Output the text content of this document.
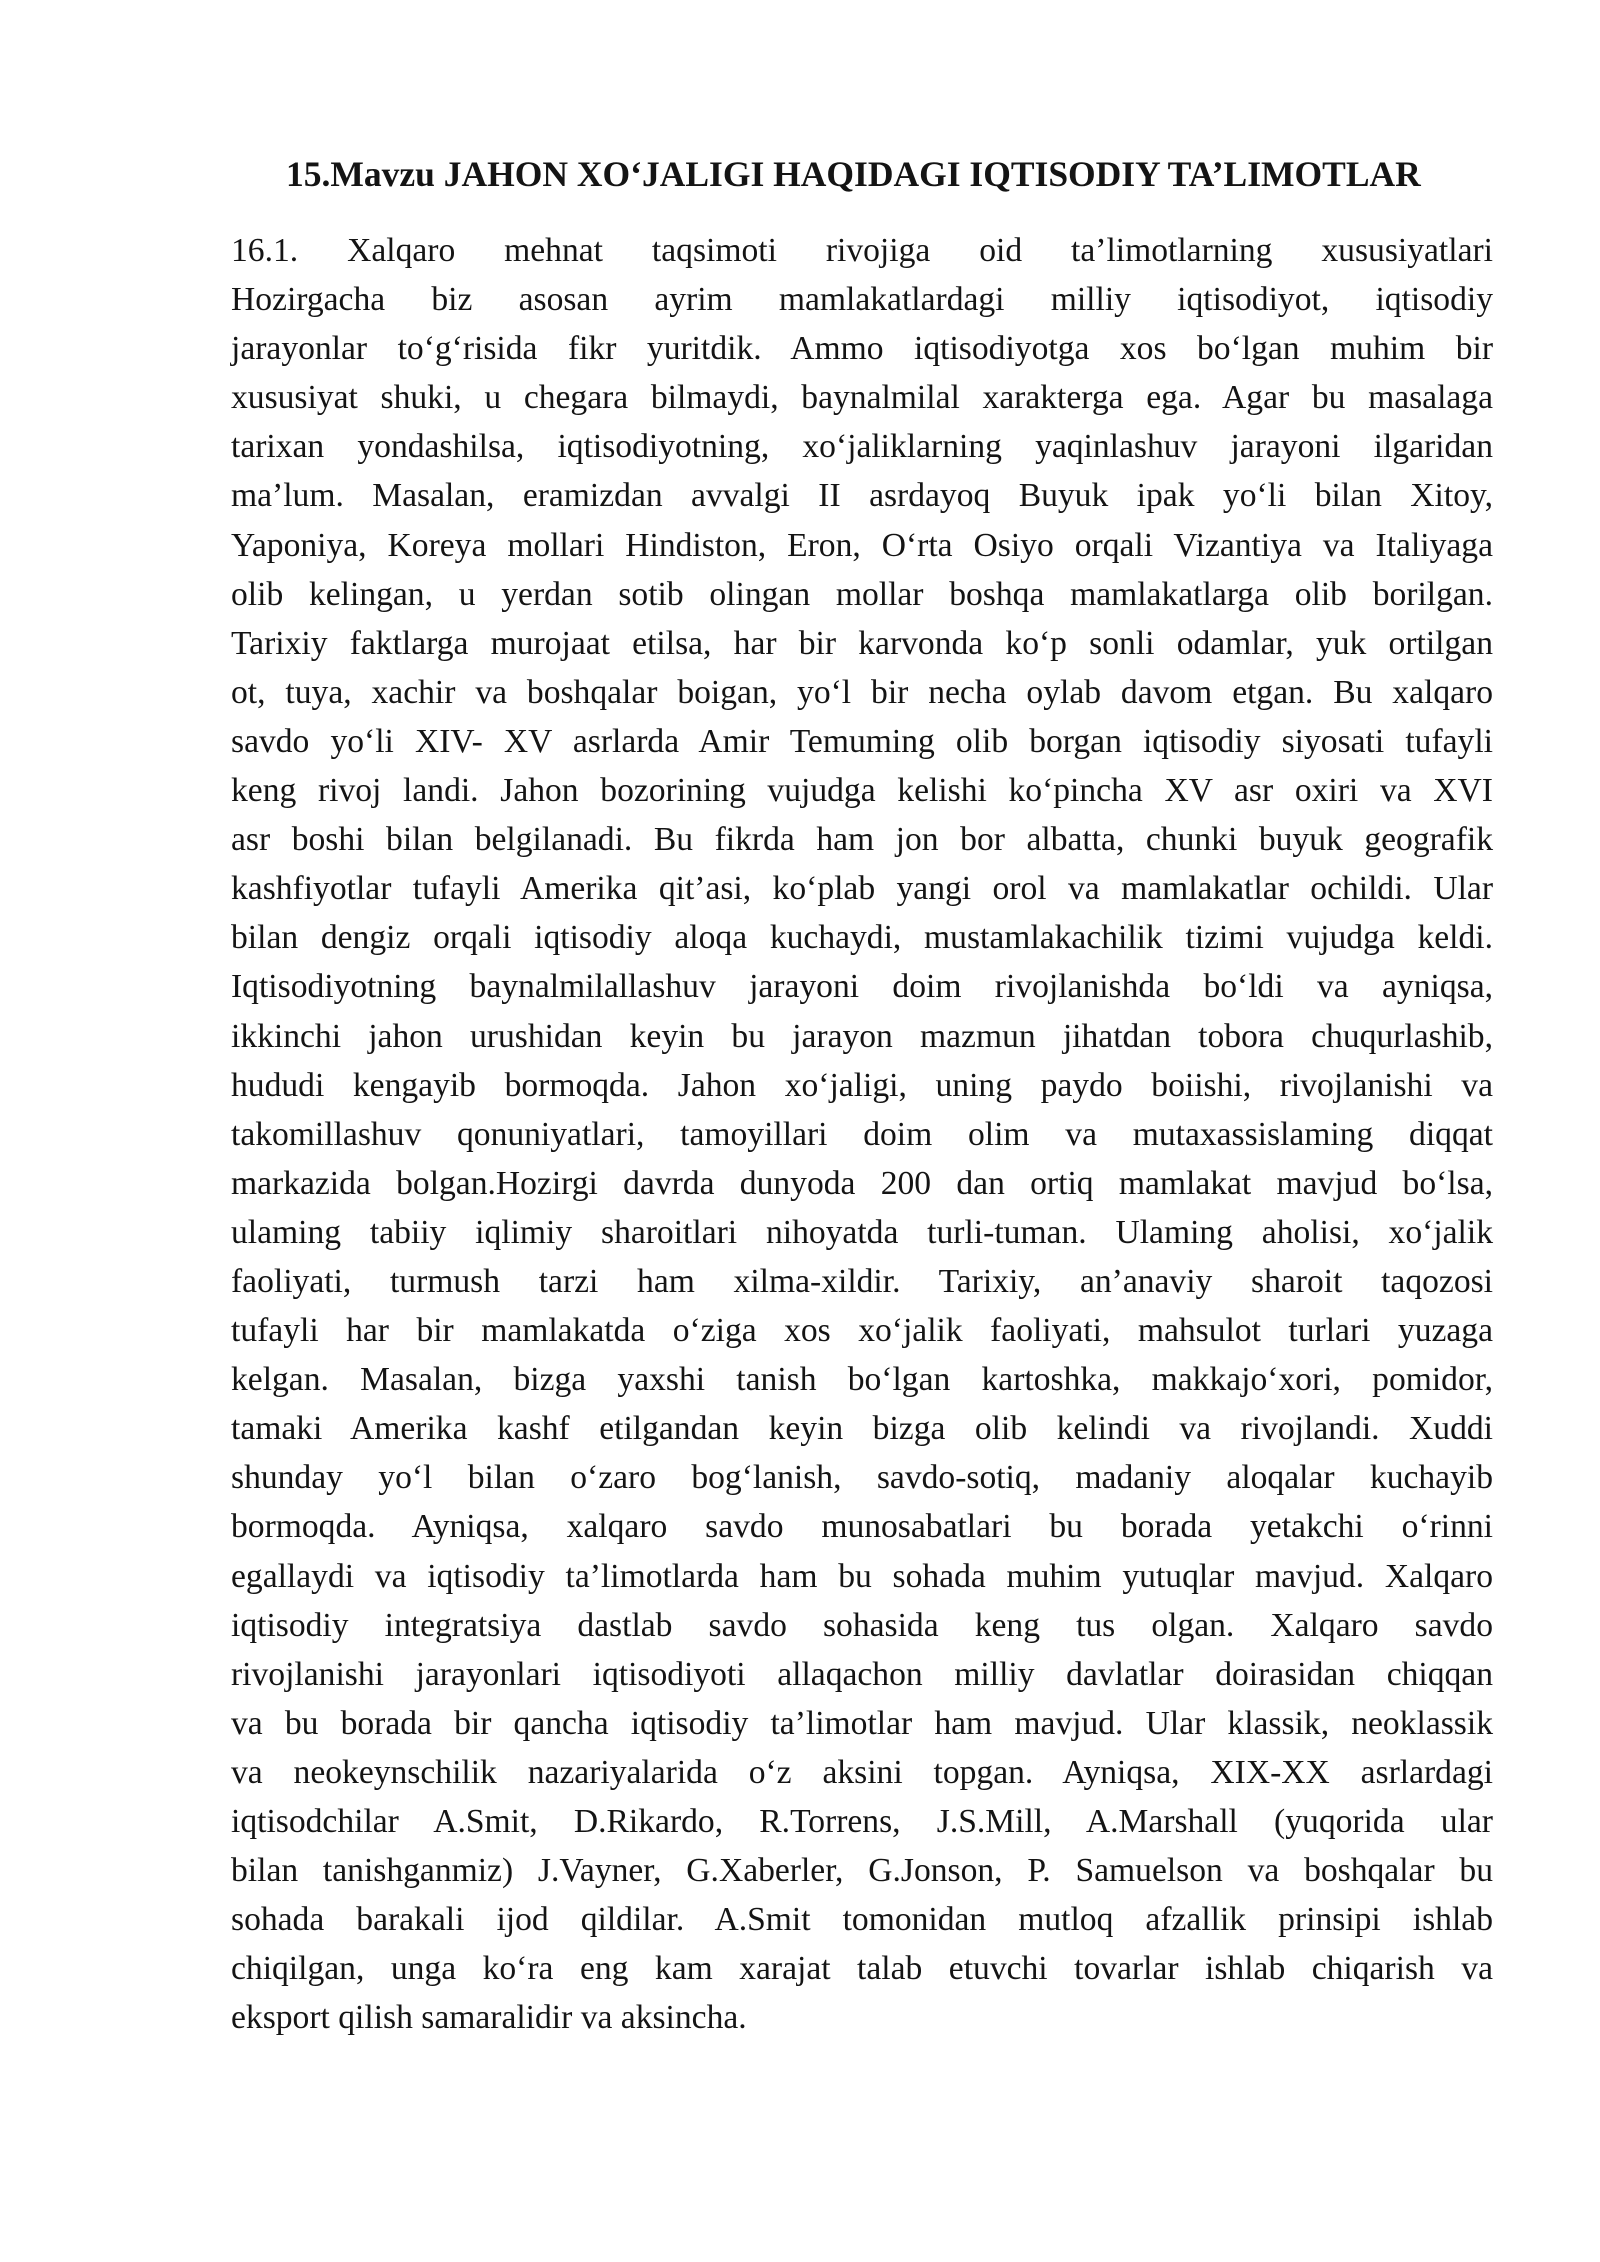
15.Mavzu JAHON XO‘JALIGI HAQIDAGI IQTISODIY TA’LIMOTLAR
16.1. Xalqaro mehnat taqsimoti rivojiga oid ta’limotlarning xususiyatlari
Hozirgacha biz asosan ayrim mamlakatlardagi milliy iqtisodiyot, iqtisodiy
jarayonlar to‘g‘risida fikr yuritdik. Ammo iqtisodiyotga xos bo‘lgan muhim bir
xususiyat shuki, u chegara bilmaydi, baynalmilal xarakterga ega. Agar bu masalaga
tarixan yondashilsa, iqtisodiyotning, xo‘jaliklarning yaqinlashuv jarayoni ilgaridan
ma’lum. Masalan, eramizdan avvalgi II asrdayoq Buyuk ipak yo‘li bilan Xitoy,
Yaponiya, Koreya mollari Hindiston, Eron, O‘rta Osiyo orqali Vizantiya va Italiyaga
olib kelingan, u yerdan sotib olingan mollar boshqa mamlakatlarga olib borilgan.
Tarixiy faktlarga murojaat etilsa, har bir karvonda ko‘p sonli odamlar, yuk ortilgan
ot, tuya, xachir va boshqalar boigan, yo‘l bir necha oylab davom etgan. Bu xalqaro
savdo yo‘li XIV- XV asrlarda Amir Temuming olib borgan iqtisodiy siyosati tufayli
keng rivoj landi. Jahon bozorining vujudga kelishi ko‘pincha XV asr oxiri va XVI
asr boshi bilan belgilanadi. Bu fikrda ham jon bor albatta, chunki buyuk geografik
kashfiyotlar tufayli Amerika qit’asi, ko‘plab yangi orol va mamlakatlar ochildi. Ular
bilan dengiz orqali iqtisodiy aloqa kuchaydi, mustamlakachilik tizimi vujudga keldi.
Iqtisodiyotning baynalmilallashuv jarayoni doim rivojlanishda bo‘ldi va ayniqsa,
ikkinchi jahon urushidan keyin bu jarayon mazmun jihatdan tobora chuqurlashib,
hududi kengayib bormoqda. Jahon xo‘jaligi, uning paydo boiishi, rivojlanishi va
takomillashuv qonuniyatlari, tamoyillari doim olim va mutaxassislaming diqqat
markazida bolgan.Hozirgi davrda dunyoda 200 dan ortiq mamlakat mavjud bo‘lsa,
ulaming tabiiy iqlimiy sharoitlari nihoyatda turli-tuman. Ulaming aholisi, xo‘jalik
faoliyati, turmush tarzi ham xilma-xildir. Tarixiy, an’anaviy sharoit taqozosi
tufayli har bir mamlakatda o‘ziga xos xo‘jalik faoliyati, mahsulot turlari yuzaga
kelgan. Masalan, bizga yaxshi tanish bo‘lgan kartoshka, makkajo‘xori, pomidor,
tamaki Amerika kashf etilgandan keyin bizga olib kelindi va rivojlandi. Xuddi
shunday yo‘l bilan o‘zaro bog‘lanish, savdo-sotiq, madaniy aloqalar kuchayib
bormoqda. Ayniqsa, xalqaro savdo munosabatlari bu borada yetakchi o‘rinni
egallaydi va iqtisodiy ta’limotlarda ham bu sohada muhim yutuqlar mavjud. Xalqaro
iqtisodiy integratsiya dastlab savdo sohasida keng tus olgan. Xalqaro savdo
rivojlanishi jarayonlari iqtisodiyoti allaqachon milliy davlatlar doirasidan chiqqan
va bu borada bir qancha iqtisodiy ta’limotlar ham mavjud. Ular klassik, neoklassik
va neokeynschilik nazariyalarida o‘z aksini topgan. Ayniqsa, XIX-XX asrlardagi
iqtisodchilar A.Smit, D.Rikardo, R.Torrens, J.S.Mill, A.Marshall (yuqorida ular
bilan tanishganmiz) J.Vayner, G.Xaberler, G.Jonson, P. Samuelson va boshqalar bu
sohada barakali ijod qildilar. A.Smit tomonidan mutloq afzallik prinsipi ishlab
chiqilgan, unga ko‘ra eng kam xarajat talab etuvchi tovarlar ishlab chiqarish va
eksport qilish samaralidir va aksincha.
